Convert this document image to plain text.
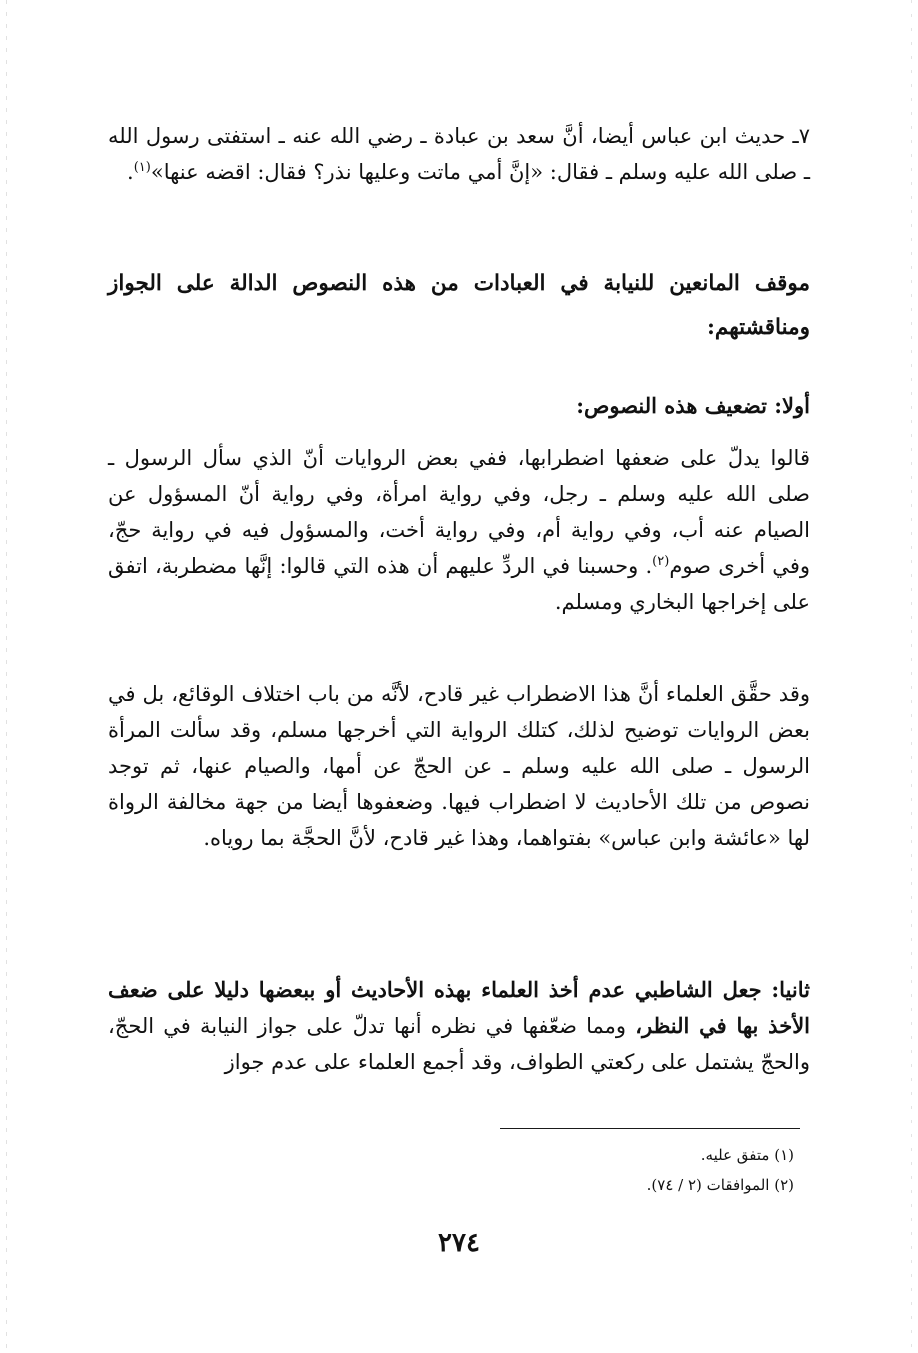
٧ـ حديث ابن عباس أيضا، أنَّ سعد بن عبادة ـ رضي الله عنه ـ استفتى رسول الله ـ صلى الله عليه وسلم ـ فقال: «إنَّ أمي ماتت وعليها نذر؟ فقال: اقضه عنها»$^{(١)}$.

موقف المانعين للنيابة في العبادات من هذه النصوص الدالة على الجواز ومناقشتهم:

أولا: تضعيف هذه النصوص:

قالوا يدلّ على ضعفها اضطرابها، ففي بعض الروايات أنّ الذي سأل الرسول ـ صلى الله عليه وسلم ـ رجل، وفي رواية امرأة، وفي رواية أنّ المسؤول عن الصيام عنه أب، وفي رواية أم، وفي رواية أخت، والمسؤول فيه في رواية حجّ، وفي أخرى صوم$^{(٢)}$. وحسبنا في الردِّ عليهم أن هذه التي قالوا: إنَّها مضطربة، اتفق على إخراجها البخاري ومسلم.

وقد حقَّق العلماء أنَّ هذا الاضطراب غير قادح، لأنَّه من باب اختلاف الوقائع، بل في بعض الروايات توضيح لذلك، كتلك الرواية التي أخرجها مسلم، وقد سألت المرأة الرسول ـ صلى الله عليه وسلم ـ عن الحجّ عن أمها، والصيام عنها، ثم توجد نصوص من تلك الأحاديث لا اضطراب فيها. وضعفوها أيضا من جهة مخالفة الرواة لها «عائشة وابن عباس» بفتواهما، وهذا غير قادح، لأنَّ الحجَّة بما روياه.

ثانيا: جعل الشاطبي عدم أخذ العلماء بهذه الأحاديث أو ببعضها دليلا على ضعف الأخذ بها في النظر، ومما ضعّفها في نظره أنها تدلّ على جواز النيابة في الحجّ، والحجّ يشتمل على ركعتي الطواف، وقد أجمع العلماء على عدم جواز

(١) متفق عليه.

(٢) الموافقات (٢ / ٧٤).

٢٧٤
